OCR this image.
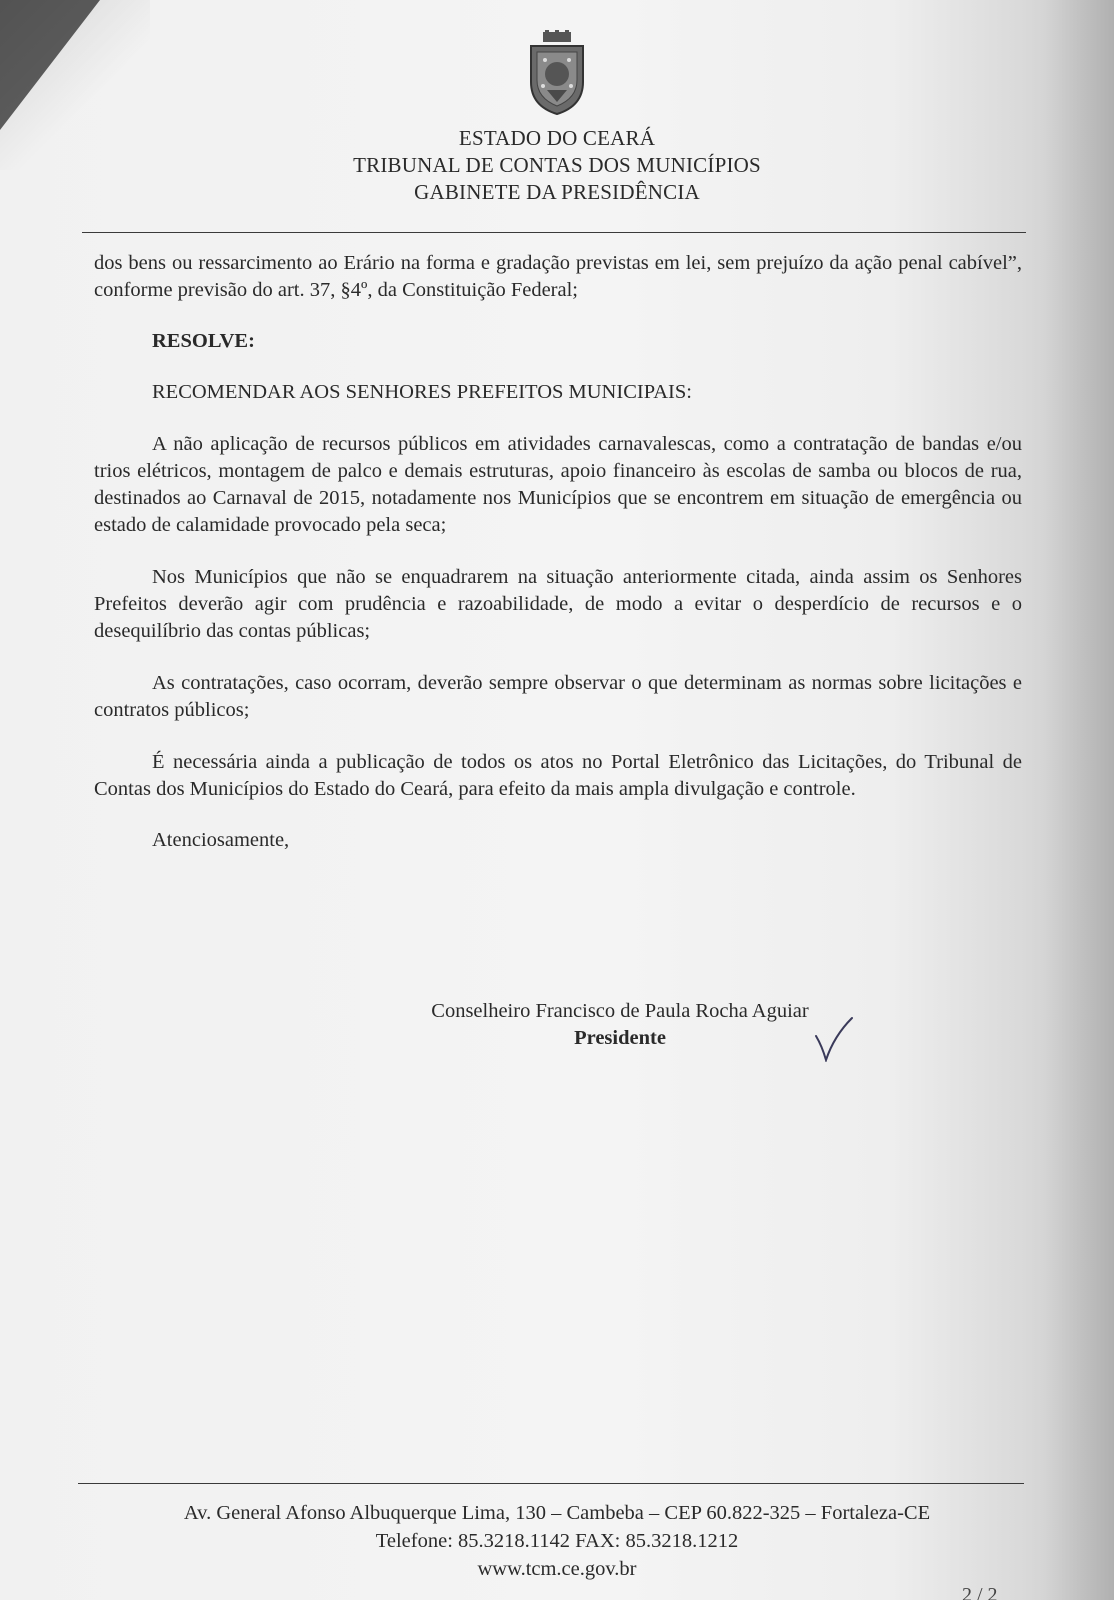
ESTADO DO CEARÁ
TRIBUNAL DE CONTAS DOS MUNICÍPIOS
GABINETE DA PRESIDÊNCIA

dos bens ou ressarcimento ao Erário na forma e gradação previstas em lei, sem prejuízo da ação penal cabível”, conforme previsão do art. 37, §4º, da Constituição Federal;

RESOLVE:

RECOMENDAR AOS SENHORES PREFEITOS MUNICIPAIS:

A não aplicação de recursos públicos em atividades carnavalescas, como a contratação de bandas e/ou trios elétricos, montagem de palco e demais estruturas, apoio financeiro às escolas de samba ou blocos de rua, destinados ao Carnaval de 2015, notadamente nos Municípios que se encontrem em situação de emergência ou estado de calamidade provocado pela seca;

Nos Municípios que não se enquadrarem na situação anteriormente citada, ainda assim os Senhores Prefeitos deverão agir com prudência e razoabilidade, de modo a evitar o desperdício de recursos e o desequilíbrio das contas públicas;

As contratações, caso ocorram, deverão sempre observar o que determinam as normas sobre licitações e contratos públicos;

É necessária ainda a publicação de todos os atos no Portal Eletrônico das Licitações, do Tribunal de Contas dos Municípios do Estado do Ceará, para efeito da mais ampla divulgação e controle.

Atenciosamente,

Conselheiro Francisco de Paula Rocha Aguiar
Presidente
Av. General Afonso Albuquerque Lima, 130 – Cambeba – CEP 60.822-325 – Fortaleza-CE
Telefone: 85.3218.1142 FAX: 85.3218.1212
www.tcm.ce.gov.br
2 / 2
